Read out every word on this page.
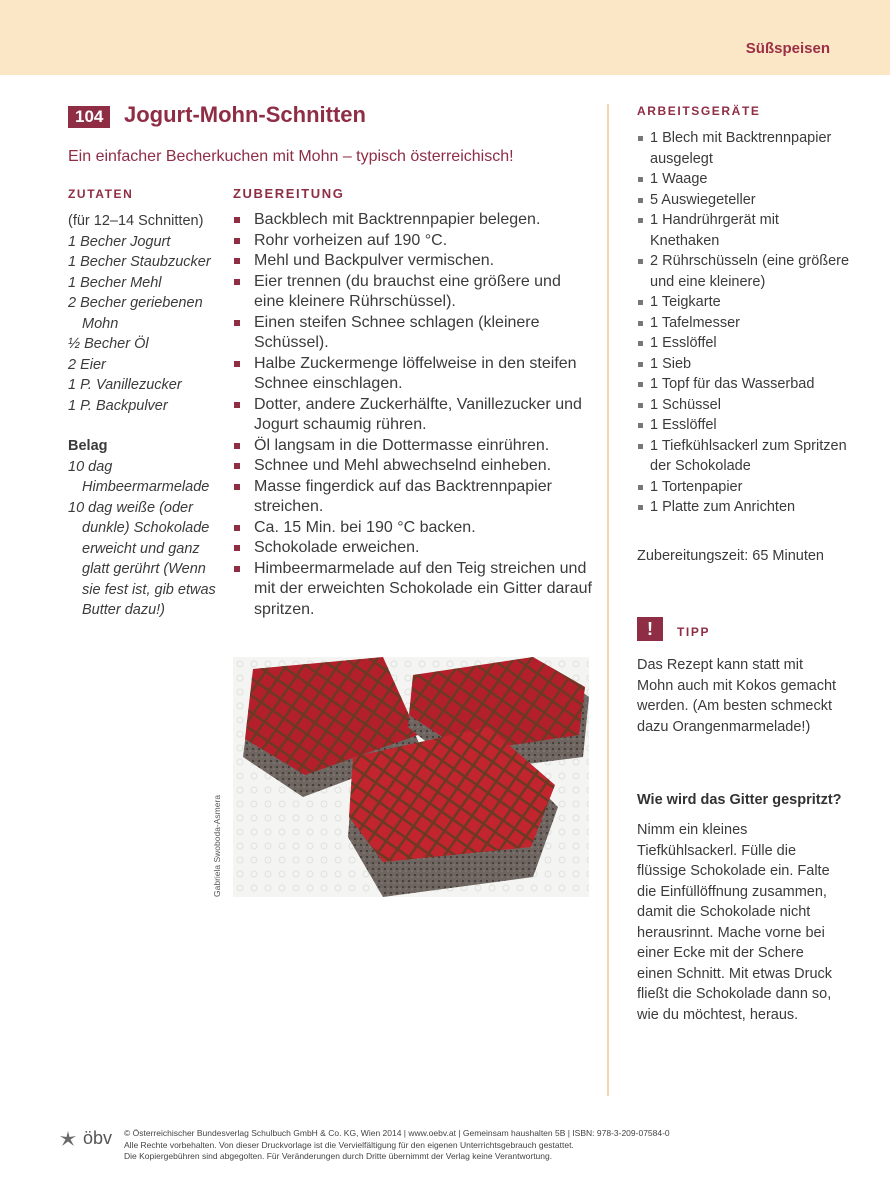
Süßspeisen
104 Jogurt-Mohn-Schnitten
Ein einfacher Becherkuchen mit Mohn – typisch österreichisch!
ZUTATEN
(für 12–14 Schnitten)
1 Becher Jogurt
1 Becher Staubzucker
1 Becher Mehl
2 Becher geriebenen Mohn
½ Becher Öl
2 Eier
1 P. Vanillezucker
1 P. Backpulver
Belag
10 dag Himbeermarmelade
10 dag weiße (oder dunkle) Schokolade erweicht und ganz glatt gerührt (Wenn sie fest ist, gib etwas Butter dazu!)
ZUBEREITUNG
Backblech mit Backtrennpapier belegen.
Rohr vorheizen auf 190 °C.
Mehl und Backpulver vermischen.
Eier trennen (du brauchst eine größere und eine kleinere Rührschüssel).
Einen steifen Schnee schlagen (kleinere Schüssel).
Halbe Zuckermenge löffelweise in den steifen Schnee einschlagen.
Dotter, andere Zuckerhälfte, Vanillezucker und Jogurt schaumig rühren.
Öl langsam in die Dottermasse einrühren.
Schnee und Mehl abwechselnd einheben.
Masse fingerdick auf das Backtrennpapier streichen.
Ca. 15 Min. bei 190 °C backen.
Schokolade erweichen.
Himbeermarmelade auf den Teig streichen und mit der erweichten Schokolade ein Gitter darauf spritzen.
Gabriela Swoboda-Asmera
ARBEITSGERÄTE
1 Blech mit Backtrennpapier ausgelegt
1 Waage
5 Auswiegeteller
1 Handrührgerät mit Knethaken
2 Rührschüsseln (eine größere und eine kleinere)
1 Teigkarte
1 Tafelmesser
1 Esslöffel
1 Sieb
1 Topf für das Wasserbad
1 Schüssel
1 Esslöffel
1 Tiefkühlsackerl zum Spritzen der Schokolade
1 Tortenpapier
1 Platte zum Anrichten
Zubereitungszeit: 65 Minuten
!	TIPP
Das Rezept kann statt mit Mohn auch mit Kokos gemacht werden. (Am besten schmeckt dazu Orangenmarmelade!)
Wie wird das Gitter gespritzt?
Nimm ein kleines Tiefkühlsackerl. Fülle die flüssige Schokolade ein. Falte die Einfüllöffnung zusammen, damit die Schokolade nicht herausrinnt. Mache vorne bei einer Ecke mit der Schere einen Schnitt. Mit etwas Druck fließt die Schokolade dann so, wie du möchtest, heraus.
öbv © Österreichischer Bundesverlag Schulbuch GmbH & Co. KG, Wien 2014 | www.oebv.at | Gemeinsam haushalten 5B | ISBN: 978-3-209-07584-0
Alle Rechte vorbehalten. Von dieser Druckvorlage ist die Vervielfältigung für den eigenen Unterrichtsgebrauch gestattet.
Die Kopiergebühren sind abgegolten. Für Veränderungen durch Dritte übernimmt der Verlag keine Verantwortung.
